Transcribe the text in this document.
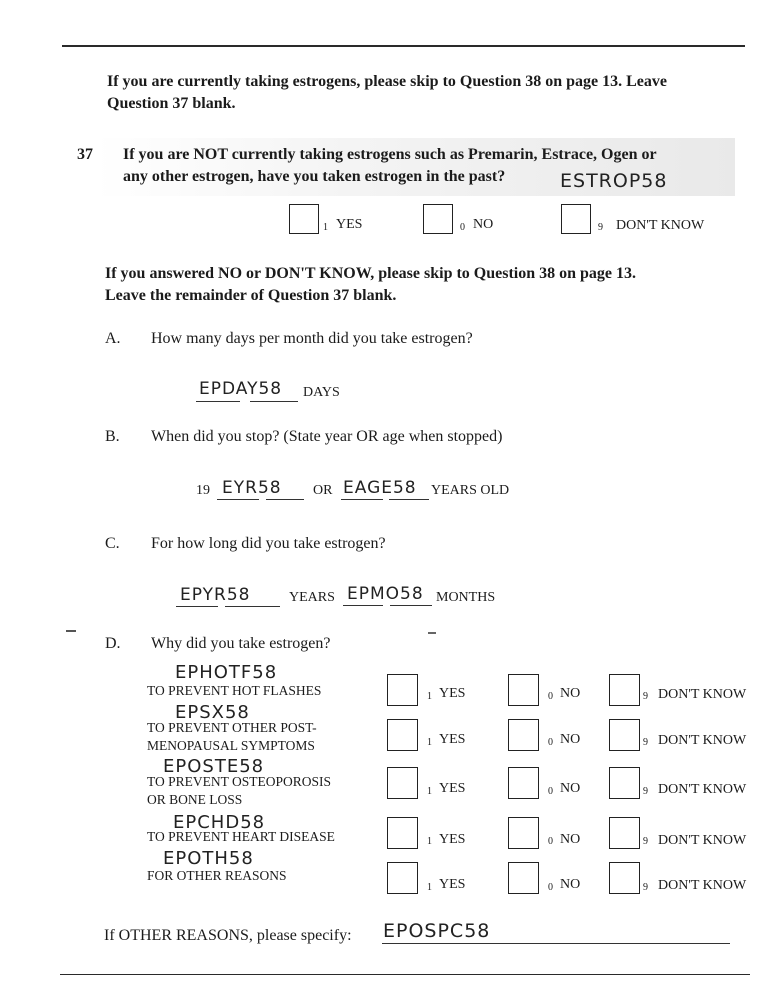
If you are currently taking estrogens, please skip to Question 38 on page 13. Leave
Question 37 blank.
37 If you are NOT currently taking estrogens such as Premarin, Estrace, Ogen or
any other estrogen, have you taken estrogen in the past?	ESTROP58
1 YES	0 NO	9 DON'T KNOW
If you answered NO or DON'T KNOW, please skip to Question 38 on page 13.
Leave the remainder of Question 37 blank.
A. How many days per month did you take estrogen?
EPDAY58 DAYS
B. When did you stop? (State year OR age when stopped)
19 EYR58 OR EAGE58 YEARS OLD
C. For how long did you take estrogen?
EPYR58	YEARS EPMO58 MONTHS
D. Why did you take estrogen?
EPHOTF58
TO PREVENT HOT FLASHES	1 YES	0 NO	9 DON'T KNOW
EPSX58
TO PREVENT OTHER POST-
MENOPAUSAL SYMPTOMS	1 YES	0 NO	9 DON'T KNOW
EPOSTE58
TO PREVENT OSTEOPOROSIS
OR BONE LOSS
1 YES	0 NO	9 DON'T KNOW
EPCHD58
TO PREVENT HEART DISEASE	1 YES	0 NO	9 DON'T KNOW
EPOTH58
FOR OTHER REASONS
1 YES	0 NO	9 DON'T KNOW
If OTHER REASONS, please specify: EPOSPC58
